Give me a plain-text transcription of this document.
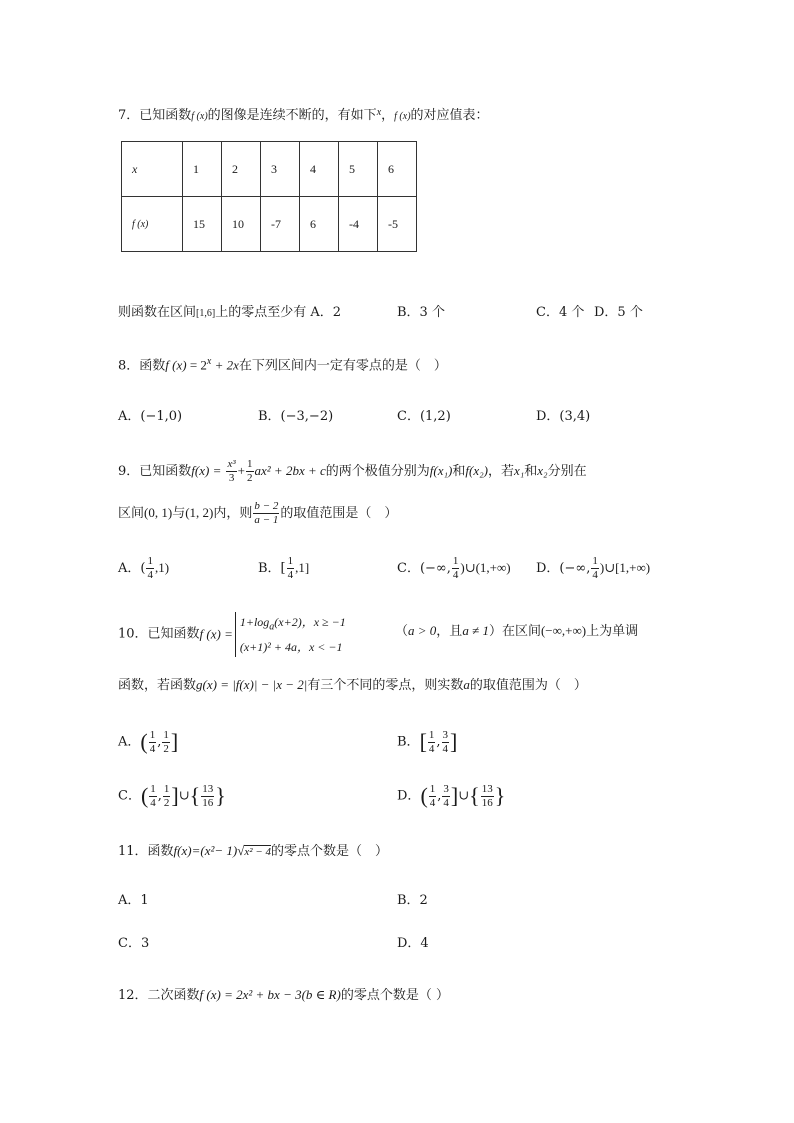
7．已知函数f (x)的图像是连续不断的，有如下$^x$，f (x)的对应值表：
x	1	2	3	4	5	6
f (x)	15	10	-7	6	-4	-5
则函数在区间[1,6]上的零点至少有 A．2	B．3 个	C．4 个 D．5 个
8．函数f $(x) = 2^x + 2x$在下列区间内一定有零点的是（　）
A．(−1,0)	B．(−3,−2)	C．(1,2)	D．(3,4)
9．已知函数$f(x) = \frac{\text{x³}}{3} + \frac{1}{2} ax^2 + 2bx + c$的两个极值分别为f(x₁)和f(x₂)，若x₁和x₂分别在
区间(0, 1)与(1, 2)内，则 $\frac{b - 2}{a - 1}$ 的取值范围是（　）
A．( $\frac{1}{4} ,1$)	B．[ $\frac{1}{4} ,1$]	C．(−∞, $\frac{1}{4}$ )∪(1,+∞) D．(−∞, $\frac{1}{4}$ )∪[1,+∞)
10．已知函数f (x) =
$1+\log_a(x+2)$，x ≥ −1
(x+1)² + 4a，x < −1
（a > 0，且a ≠ 1）在区间(−∞,+∞)上为单调
函数，若函数g(x) = |f(x)| − |x − 2|有三个不同的零点，则实数a的取值范围为（　）
A．( $\frac{1}{4}$ , $\frac{1}{2}$ ]	B．[ $\frac{1}{4}$ , $\frac{3}{4}$ ]
C．( $\frac{1}{4}$ , $\frac{1}{2}$ ]∪{ $\frac{13}{16}$ }	D．( $\frac{1}{4}$ , $\frac{3}{4}$ ]∪{ $\frac{13}{16}$ }
11．函数f(x)=(x²− 1)√x² − 4的零点个数是（　）
A．1	B．2
C．3	D．4
12．二次函数f (x) = 2x² + bx − 3(b ∈ R)的零点个数是（ ）
